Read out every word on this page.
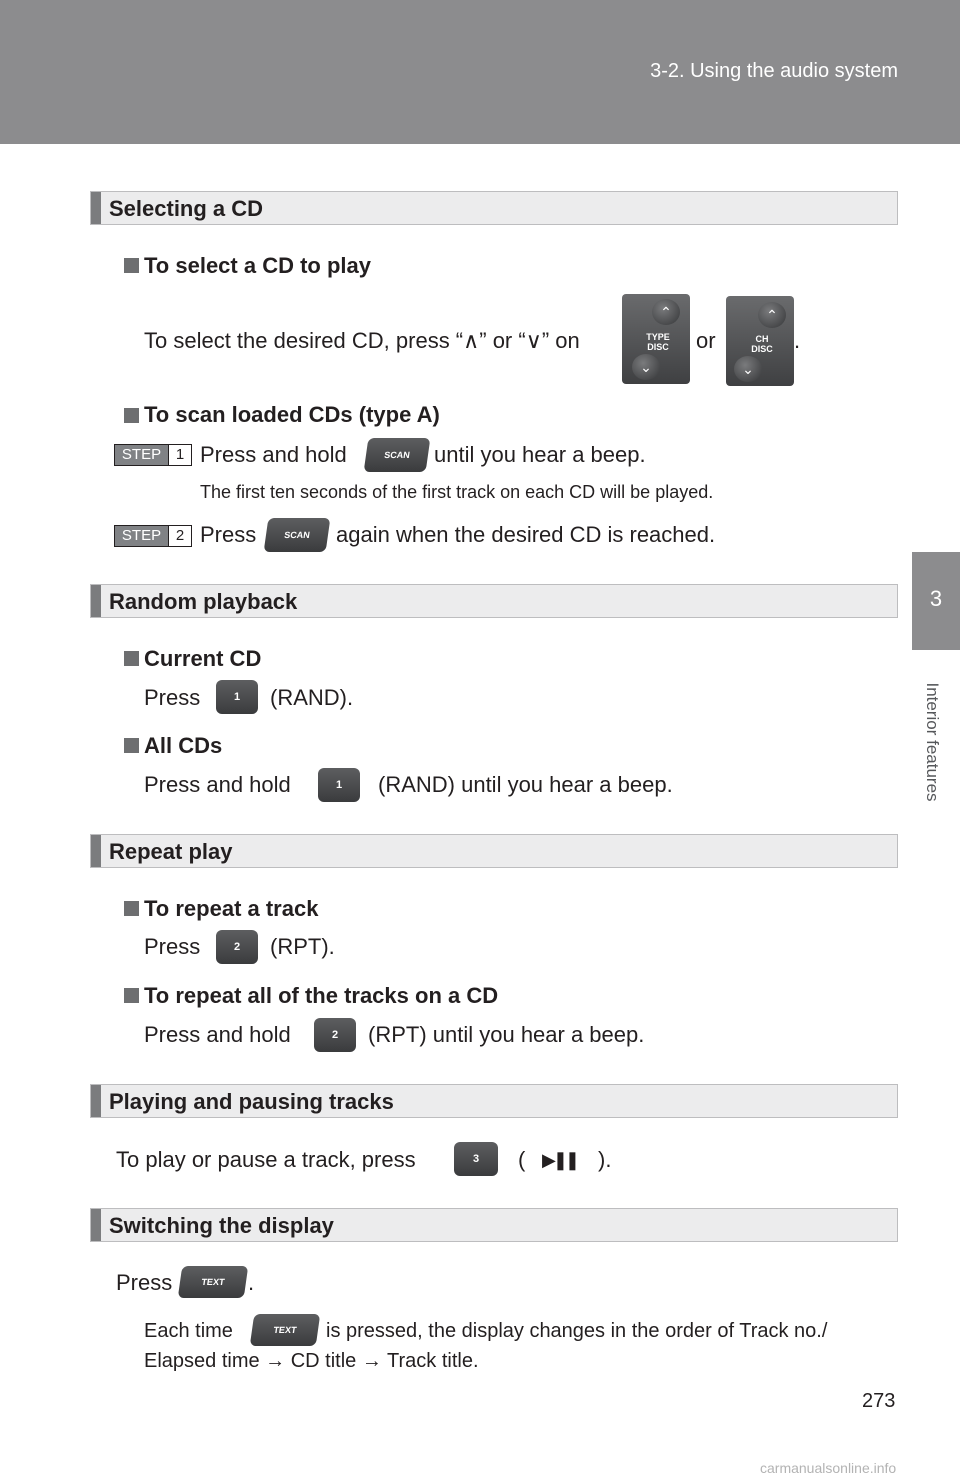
3-2. Using the audio system
3
Interior features
Selecting a CD
To select a CD to play
To select the desired CD, press “∧” or “∨” on
⌃
TYPE
DISC
⌄
or
⌃
CH
DISC
⌄
.
To scan loaded CDs (type A)
STEP 1 Press and hold	SCAN	until you hear a beep.
The first ten seconds of the first track on each CD will be played.
STEP 2 Press	SCAN	again when the desired CD is reached.
Random playback
Current CD
Press	1	(RAND).
All CDs
Press and hold	1	(RAND) until you hear a beep.
Repeat play
To repeat a track
Press	2	(RPT).
To repeat all of the tracks on a CD
Press and hold	2	(RPT) until you hear a beep.
Playing and pausing tracks
To play or pause a track, press	3	( ▶❚❚ ).
Switching the display
Press	TEXT	.
Each time	TEXT	is pressed, the display changes in the order of Track no./
Elapsed time → CD title → Track title.
273
carmanualsonline.info
